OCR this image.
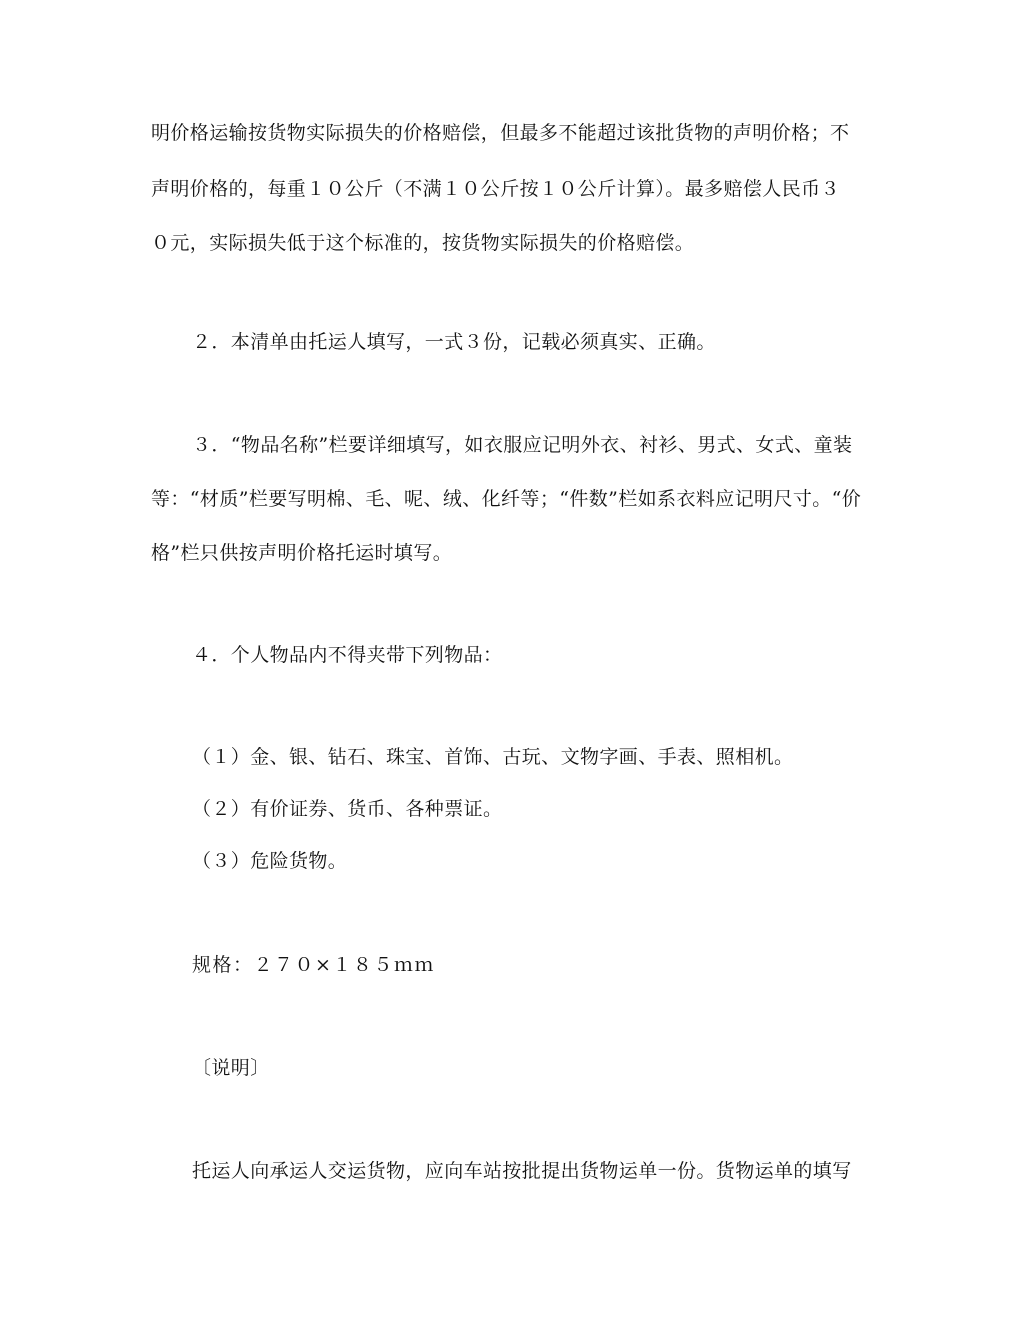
明价格运输按货物实际损失的价格赔偿，但最多不能超过该批货物的声明价格；不
声明价格的，每重１０公斤（不满１０公斤按１０公斤计算）。最多赔偿人民币３
０元，实际损失低于这个标准的，按货物实际损失的价格赔偿。
２．本清单由托运人填写，一式３份，记载必须真实、正确。
３．“物品名称”栏要详细填写，如衣服应记明外衣、衬衫、男式、女式、童装
等：“材质”栏要写明棉、毛、呢、绒、化纤等；“件数”栏如系衣料应记明尺寸。“价
格”栏只供按声明价格托运时填写。
４．个人物品内不得夹带下列物品：
（１）金、银、钻石、珠宝、首饰、古玩、文物字画、手表、照相机。
（２）有价证券、货币、各种票证。
（３）危险货物。
规格：２７０×１８５ｍｍ
〔说明〕
托运人向承运人交运货物，应向车站按批提出货物运单一份。货物运单的填写
